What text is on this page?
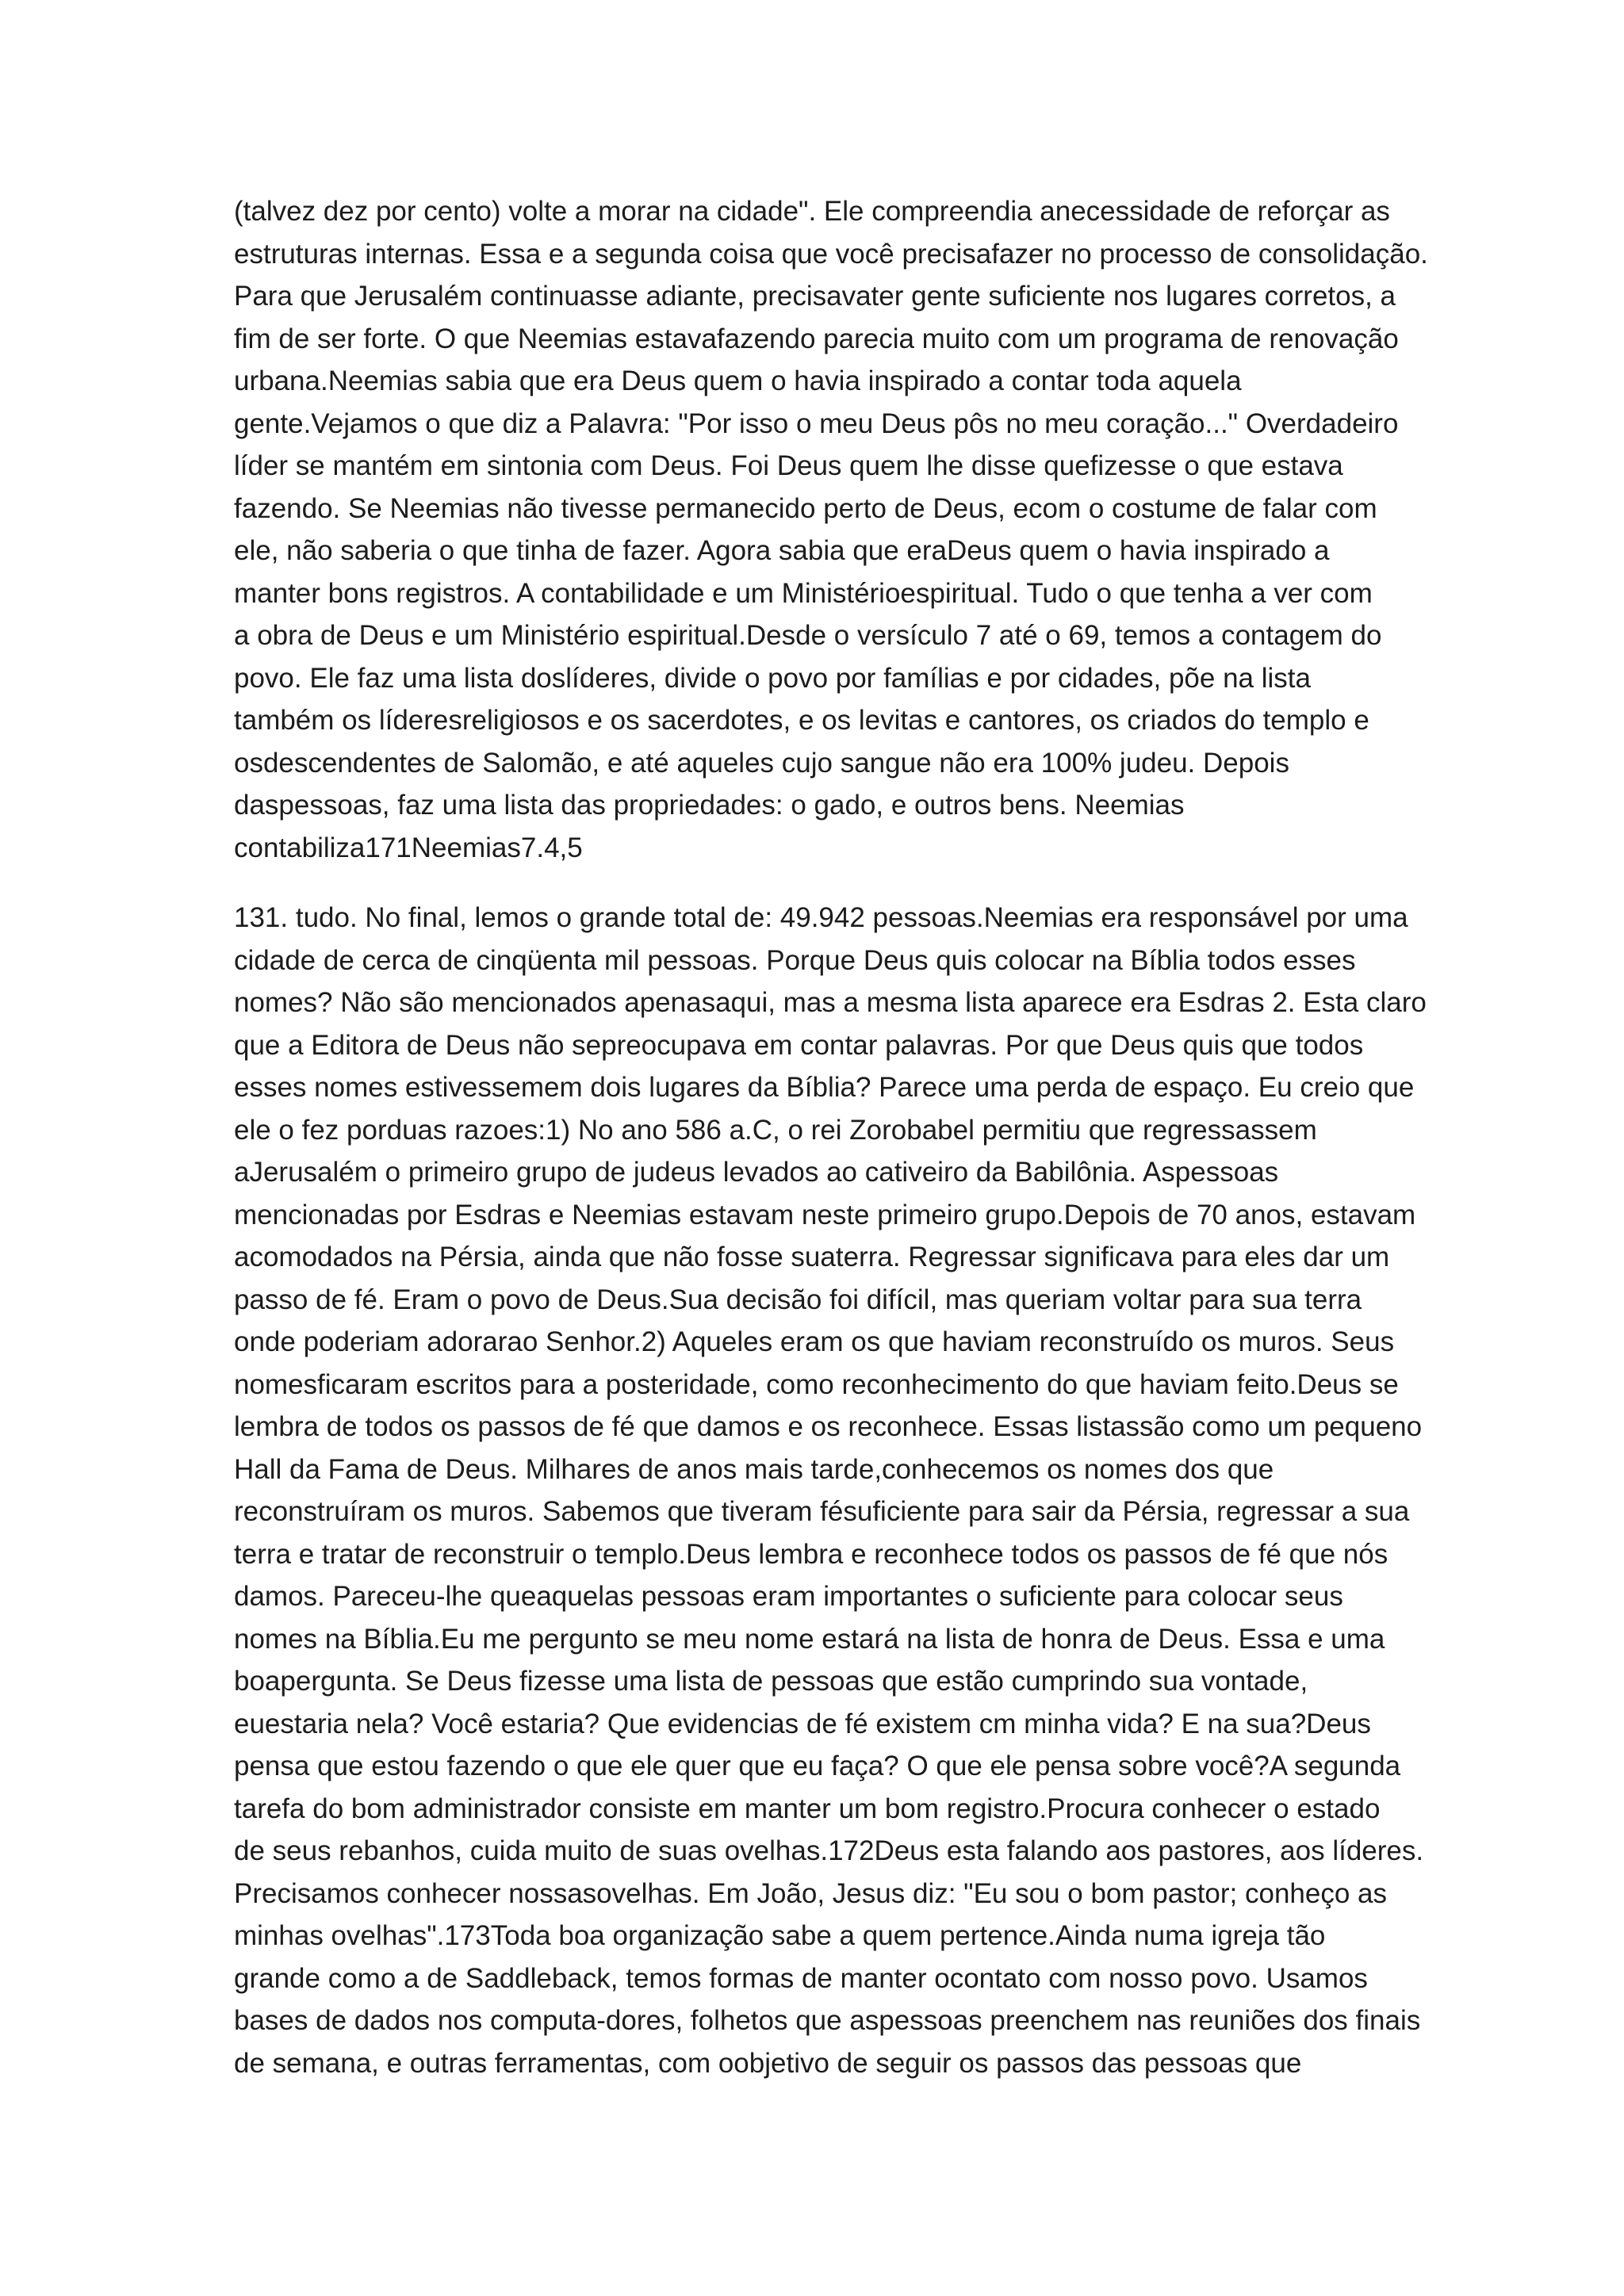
(talvez dez por cento) volte a morar na cidade". Ele compreendia anecessidade de reforçar as
estruturas internas. Essa e a segunda coisa que você precisafazer no processo de consolidação.
Para que Jerusalém continuasse adiante, precisavater gente suficiente nos lugares corretos, a
fim de ser forte. O que Neemias estavafazendo parecia muito com um programa de renovação
urbana.Neemias sabia que era Deus quem o havia inspirado a contar toda aquela
gente.Vejamos o que diz a Palavra: "Por isso o meu Deus pôs no meu coração..." Overdadeiro
líder se mantém em sintonia com Deus. Foi Deus quem lhe disse quefizesse o que estava
fazendo. Se Neemias não tivesse permanecido perto de Deus, ecom o costume de falar com
ele, não saberia o que tinha de fazer. Agora sabia que eraDeus quem o havia inspirado a
manter bons registros. A contabilidade e um Ministérioespiritual. Tudo o que tenha a ver com
a obra de Deus e um Ministério espiritual.Desde o versículo 7 até o 69, temos a contagem do
povo. Ele faz uma lista doslíderes, divide o povo por famílias e por cidades, põe na lista
também os líderesreligiosos e os sacerdotes, e os levitas e cantores, os criados do templo e
osdescendentes de Salomão, e até aqueles cujo sangue não era 100% judeu. Depois
daspessoas, faz uma lista das propriedades: o gado, e outros bens. Neemias
contabiliza171Neemias7.4,5

131. tudo. No final, lemos o grande total de: 49.942 pessoas.Neemias era responsável por uma
cidade de cerca de cinqüenta mil pessoas. Porque Deus quis colocar na Bíblia todos esses
nomes? Não são mencionados apenasaqui, mas a mesma lista aparece era Esdras 2. Esta claro
que a Editora de Deus não sepreocupava em contar palavras. Por que Deus quis que todos
esses nomes estivessemem dois lugares da Bíblia? Parece uma perda de espaço. Eu creio que
ele o fez porduas razoes:1) No ano 586 a.C, o rei Zorobabel permitiu que regressassem
aJerusalém o primeiro grupo de judeus levados ao cativeiro da Babilônia. Aspessoas
mencionadas por Esdras e Neemias estavam neste primeiro grupo.Depois de 70 anos, estavam
acomodados na Pérsia, ainda que não fosse suaterra. Regressar significava para eles dar um
passo de fé. Eram o povo de Deus.Sua decisão foi difícil, mas queriam voltar para sua terra
onde poderiam adorarao Senhor.2) Aqueles eram os que haviam reconstruído os muros. Seus
nomesficaram escritos para a posteridade, como reconhecimento do que haviam feito.Deus se
lembra de todos os passos de fé que damos e os reconhece. Essas listassão como um pequeno
Hall da Fama de Deus. Milhares de anos mais tarde,conhecemos os nomes dos que
reconstruíram os muros. Sabemos que tiveram fésuficiente para sair da Pérsia, regressar a sua
terra e tratar de reconstruir o templo.Deus lembra e reconhece todos os passos de fé que nós
damos. Pareceu-lhe queaquelas pessoas eram importantes o suficiente para colocar seus
nomes na Bíblia.Eu me pergunto se meu nome estará na lista de honra de Deus. Essa e uma
boapergunta. Se Deus fizesse uma lista de pessoas que estão cumprindo sua vontade,
euestaria nela? Você estaria? Que evidencias de fé existem cm minha vida? E na sua?Deus
pensa que estou fazendo o que ele quer que eu faça? O que ele pensa sobre você?A segunda
tarefa do bom administrador consiste em manter um bom registro.Procura conhecer o estado
de seus rebanhos, cuida muito de suas ovelhas.172Deus esta falando aos pastores, aos líderes.
Precisamos conhecer nossasovelhas. Em João, Jesus diz: "Eu sou o bom pastor; conheço as
minhas ovelhas".173Toda boa organização sabe a quem pertence.Ainda numa igreja tão
grande como a de Saddleback, temos formas de manter ocontato com nosso povo. Usamos
bases de dados nos computa-dores, folhetos que aspessoas preenchem nas reuniões dos finais
de semana, e outras ferramentas, com oobjetivo de seguir os passos das pessoas que
